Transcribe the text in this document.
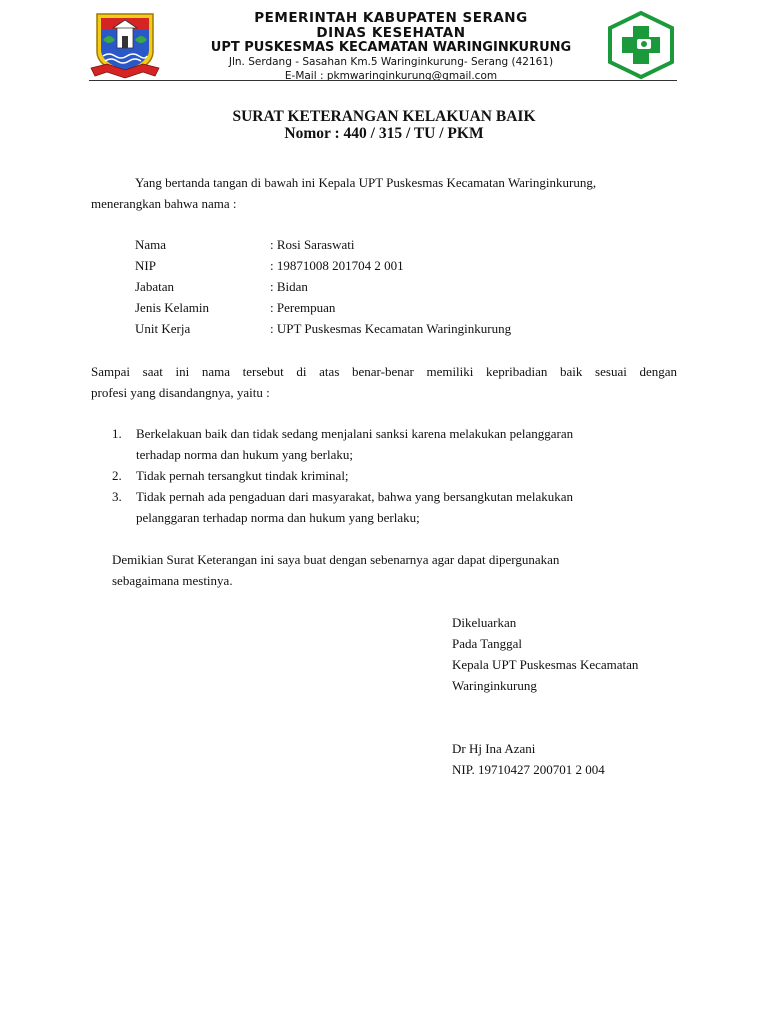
PEMERINTAH KABUPATEN SERANG
DINAS KESEHATAN
UPT PUSKESMAS KECAMATAN WARINGINKURUNG
Jln. Serdang - Sasahan Km.5 Waringinkurung- Serang (42161)
E-Mail : pkmwaringinkurung@gmail.com
SURAT KETERANGAN KELAKUAN BAIK
Nomor : 440 / 315 / TU / PKM

Yang bertanda tangan di bawah ini Kepala UPT Puskesmas Kecamatan Waringinkurung,

menerangkan bahwa nama :

Nama	: Rosi Saraswati
NIP	: 19871008 201704 2 001
Jabatan	: Bidan
Jenis Kelamin	: Perempuan
Unit Kerja	: UPT Puskesmas Kecamatan Waringinkurung

Sampai saat ini nama tersebut di atas benar-benar memiliki kepribadian baik sesuai dengan

profesi yang disandangnya, yaitu :

1. Berkelakuan baik dan tidak sedang menjalani sanksi karena melakukan pelanggaran
terhadap norma dan hukum yang berlaku;
2. Tidak pernah tersangkut tindak kriminal;
3. Tidak pernah ada pengaduan dari masyarakat, bahwa yang bersangkutan melakukan
pelanggaran terhadap norma dan hukum yang berlaku;
Demikian Surat Keterangan ini saya buat dengan sebenarnya agar dapat dipergunakan
sebagaimana mestinya.
Dikeluarkan
Pada Tanggal
Kepala UPT Puskesmas Kecamatan
Waringinkurung
Dr Hj Ina Azani
NIP. 19710427 200701 2 004
